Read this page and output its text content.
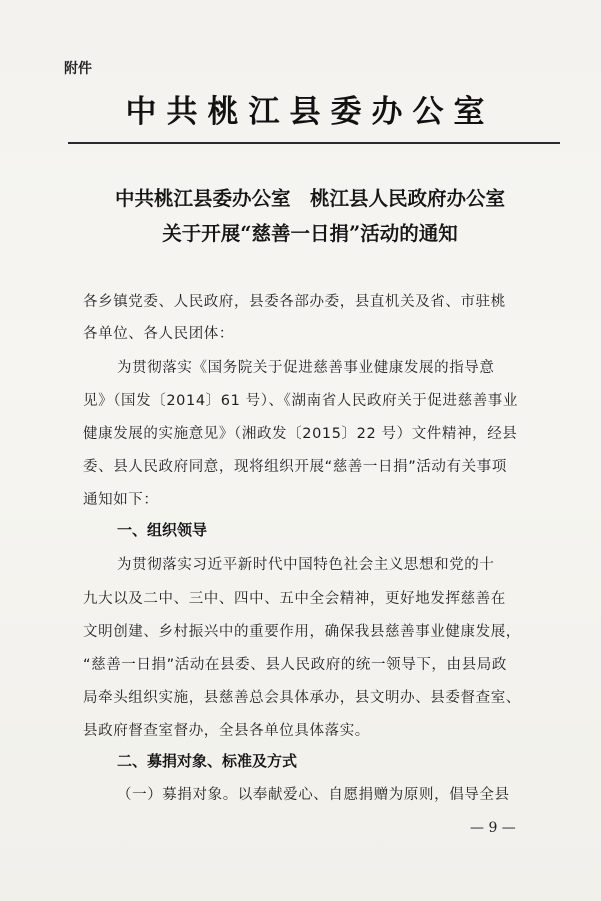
附件
中共桃江县委办公室
中共桃江县委办公室　桃江县人民政府办公室
关于开展“慈善一日捐”活动的通知
各乡镇党委、人民政府，县委各部办委，县直机关及省、市驻桃
各单位、各人民团体：
为贯彻落实《国务院关于促进慈善事业健康发展的指导意
见》（国发〔2014〕61 号）、《湖南省人民政府关于促进慈善事业
健康发展的实施意见》（湘政发〔2015〕22 号）文件精神，经县
委、县人民政府同意，现将组织开展“慈善一日捐”活动有关事项
通知如下：
一、组织领导
为贯彻落实习近平新时代中国特色社会主义思想和党的十
九大以及二中、三中、四中、五中全会精神，更好地发挥慈善在
文明创建、乡村振兴中的重要作用，确保我县慈善事业健康发展，
“慈善一日捐”活动在县委、县人民政府的统一领导下，由县局政
局牵头组织实施，县慈善总会具体承办，县文明办、县委督查室、
县政府督查室督办，全县各单位具体落实。
二、募捐对象、标准及方式
（一）募捐对象。以奉献爱心、自愿捐赠为原则，倡导全县
— 9 —
